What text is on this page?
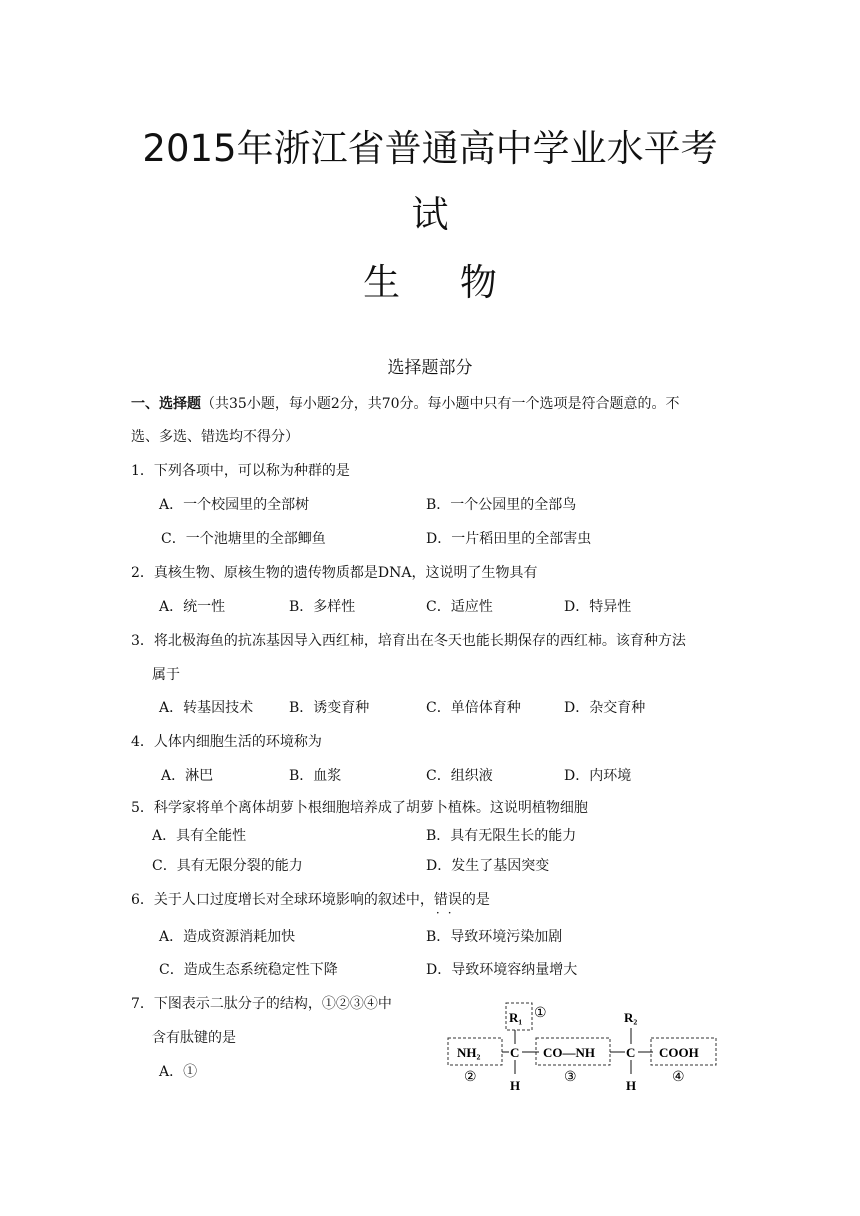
2015年浙江省普通高中学业水平考
试
生 物
选择题部分
一、选择题（共35小题，每小题2分，共70分。每小题中只有一个选项是符合题意的。不
选、多选、错选均不得分）
1．下列各项中，可以称为种群的是
A．一个校园里的全部树	B．一个公园里的全部鸟
C．一个池塘里的全部鲫鱼	D．一片稻田里的全部害虫
2．真核生物、原核生物的遗传物质都是DNA，这说明了生物具有
A．统一性	B．多样性	C．适应性	D．特异性
3．将北极海鱼的抗冻基因导入西红柿，培育出在冬天也能长期保存的西红柿。该育种方法
属于
A．转基因技术	B．诱变育种	C．单倍体育种	D．杂交育种
4．人体内细胞生活的环境称为
A．淋巴	B．血浆	C．组织液	D．内环境
5．科学家将单个离体胡萝卜根细胞培养成了胡萝卜植株。这说明植物细胞
A．具有全能性	B．具有无限生长的能力
C．具有无限分裂的能力	D．发生了基因突变
6．关于人口过度增长对全球环境影响的叙述中，错误 · ·的是
A．造成资源消耗加快	B．导致环境污染加剧
C．造成生态系统稳定性下降	D．导致环境容纳量增大
7．下图表示二肽分子的结构，①②③④中
含有肽键的是
A．①
R₁ ①	R₂
NH₂ C CO—NH C COOH
H	H
②	③	④
